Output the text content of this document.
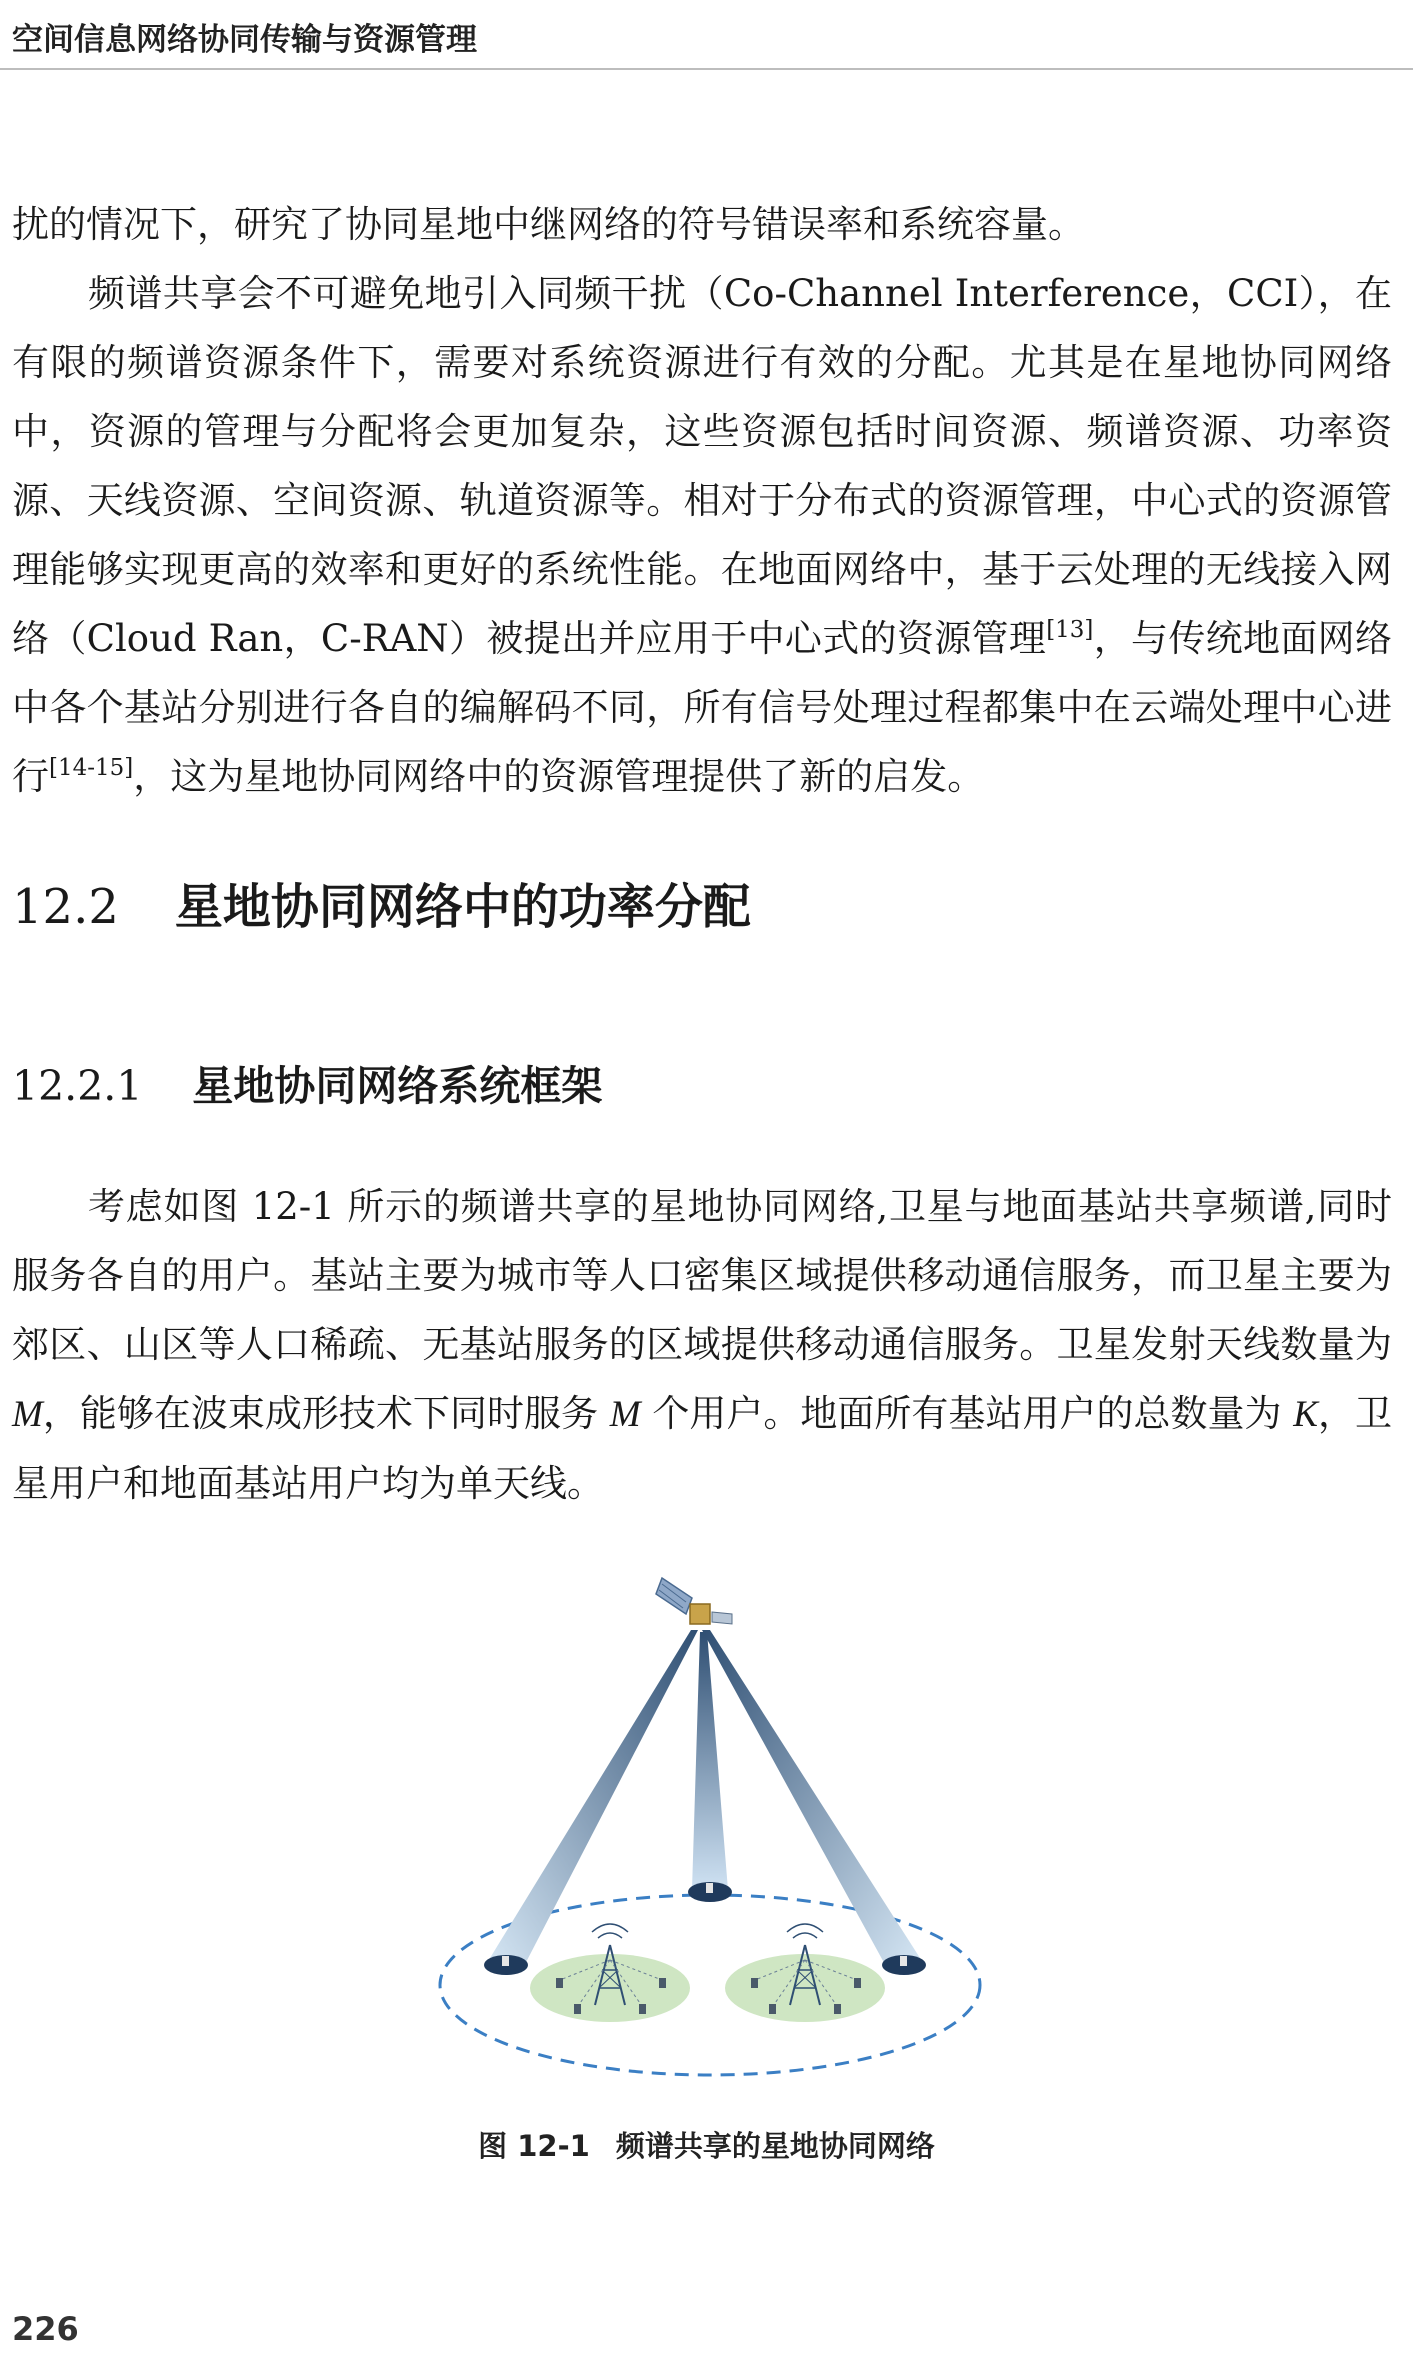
空间信息网络协同传输与资源管理

扰的情况下，研究了协同星地中继网络的符号错误率和系统容量。

频谱共享会不可避免地引入同频干扰（Co-Channel Interference，CCI），在有限的频谱资源条件下，需要对系统资源进行有效的分配。尤其是在星地协同网络中，资源的管理与分配将会更加复杂，这些资源包括时间资源、频谱资源、功率资源、天线资源、空间资源、轨道资源等。相对于分布式的资源管理，中心式的资源管理能够实现更高的效率和更好的系统性能。在地面网络中，基于云处理的无线接入网络（Cloud Ran，C-RAN）被提出并应用于中心式的资源管理[13]，与传统地面网络中各个基站分别进行各自的编解码不同，所有信号处理过程都集中在云端处理中心进行[14-15]，这为星地协同网络中的资源管理提供了新的启发。

12.2 星地协同网络中的功率分配
12.2.1 星地协同网络系统框架

考虑如图 12-1 所示的频谱共享的星地协同网络,卫星与地面基站共享频谱,同时服务各自的用户。基站主要为城市等人口密集区域提供移动通信服务，而卫星主要为郊区、山区等人口稀疏、无基站服务的区域提供移动通信服务。卫星发射天线数量为 M，能够在波束成形技术下同时服务 M 个用户。地面所有基站用户的总数量为 K，卫星用户和地面基站用户均为单天线。

图 12-1 频谱共享的星地协同网络
226
